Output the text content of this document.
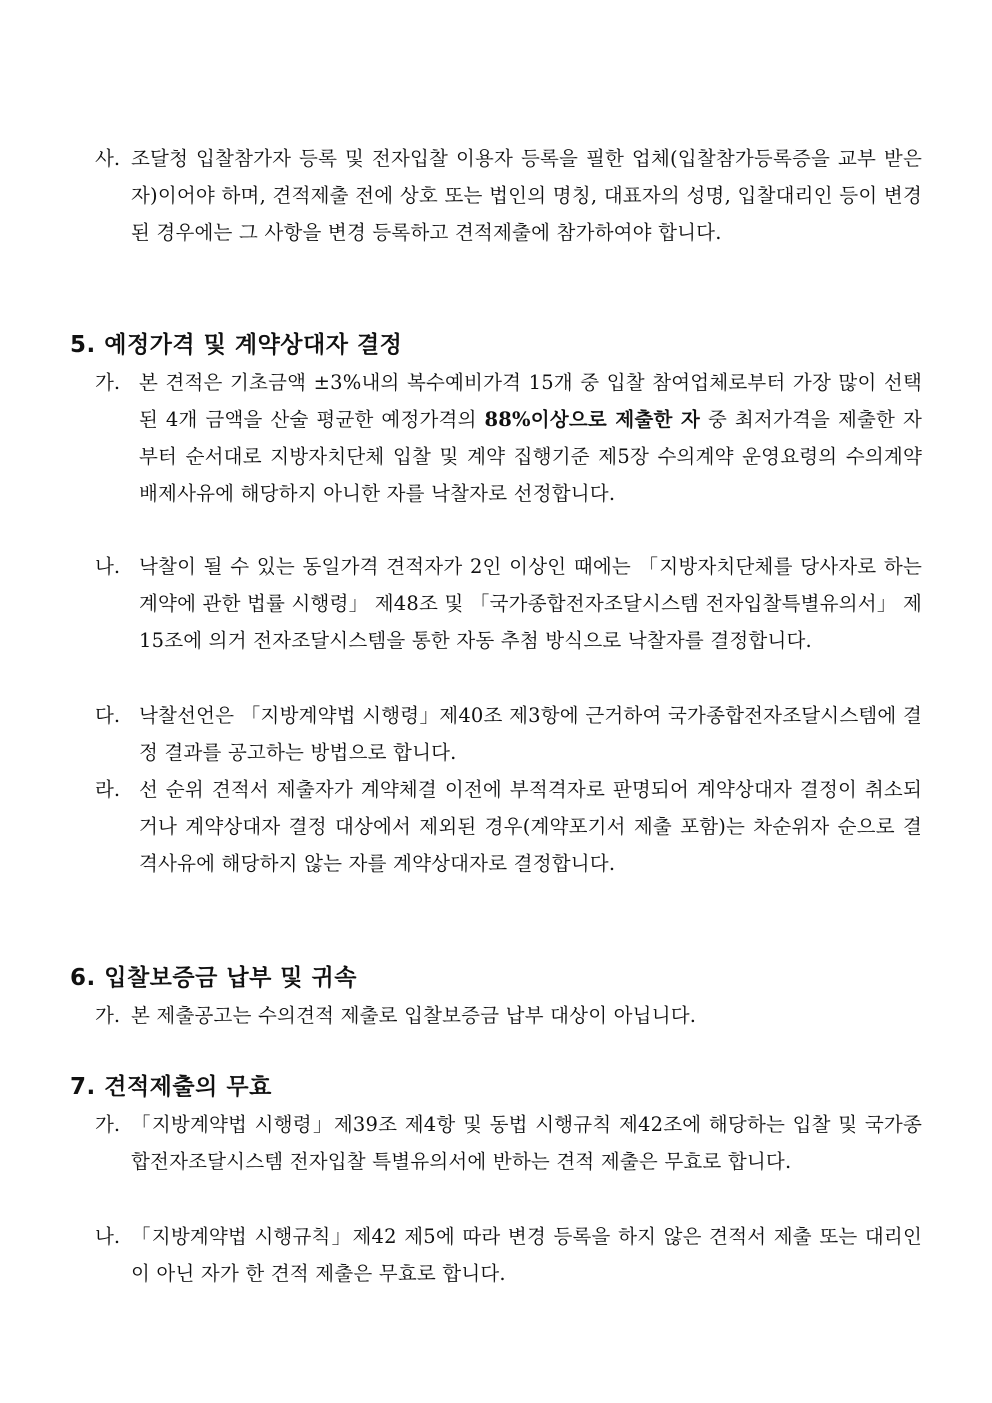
사. 조달청 입찰참가자 등록 및 전자입찰 이용자 등록을 필한 업체(입찰참가등록증을 교부 받은 자)이어야 하며, 견적제출 전에 상호 또는 법인의 명칭, 대표자의 성명, 입찰대리인 등이 변경된 경우에는 그 사항을 변경 등록하고 견적제출에 참가하여야 합니다.
5. 예정가격 및 계약상대자 결정
가. 본 견적은 기초금액 ±3%내의 복수예비가격 15개 중 입찰 참여업체로부터 가장 많이 선택된 4개 금액을 산술 평균한 예정가격의 88%이상으로 제출한 자 중 최저가격을 제출한 자부터 순서대로 지방자치단체 입찰 및 계약 집행기준 제5장 수의계약 운영요령의 수의계약 배제사유에 해당하지 아니한 자를 낙찰자로 선정합니다.
나. 낙찰이 될 수 있는 동일가격 견적자가 2인 이상인 때에는 「지방자치단체를 당사자로 하는 계약에 관한 법률 시행령」 제48조 및 「국가종합전자조달시스템 전자입찰특별유의서」 제15조에 의거 전자조달시스템을 통한 자동 추첨 방식으로 낙찰자를 결정합니다.
다. 낙찰선언은 「지방계약법 시행령」제40조 제3항에 근거하여 국가종합전자조달시스템에 결정 결과를 공고하는 방법으로 합니다.
라. 선 순위 견적서 제출자가 계약체결 이전에 부적격자로 판명되어 계약상대자 결정이 취소되거나 계약상대자 결정 대상에서 제외된 경우(계약포기서 제출 포함)는 차순위자 순으로 결격사유에 해당하지 않는 자를 계약상대자로 결정합니다.
6. 입찰보증금 납부 및 귀속
가. 본 제출공고는 수의견적 제출로 입찰보증금 납부 대상이 아닙니다.
7. 견적제출의 무효
가. 「지방계약법 시행령」제39조 제4항 및 동법 시행규칙 제42조에 해당하는 입찰 및 국가종합전자조달시스템 전자입찰 특별유의서에 반하는 견적 제출은 무효로 합니다.
나. 「지방계약법 시행규칙」제42 제5에 따라 변경 등록을 하지 않은 견적서 제출 또는 대리인이 아닌 자가 한 견적 제출은 무효로 합니다.
